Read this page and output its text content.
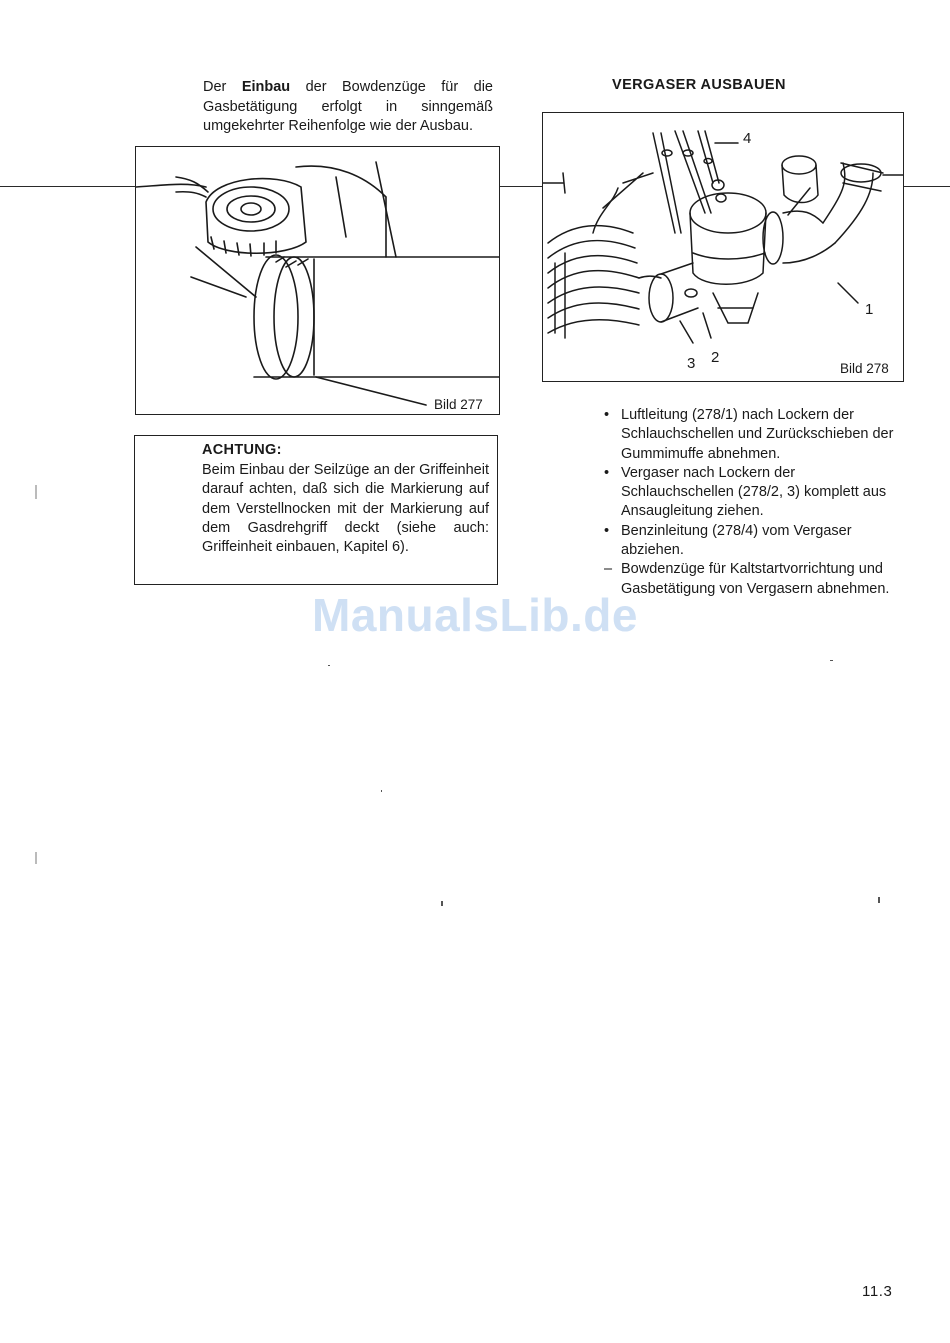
Der Einbau der Bowdenzüge für die Gasbetätigung erfolgt in sinngemäß umgekehrter Reihenfolge wie der Ausbau.
Bild 277
ACHTUNG:
Beim Einbau der Seilzüge an der Griffeinheit darauf achten, daß sich die Markierung auf dem Verstellnocken mit der Markierung auf dem Gasdrehgriff deckt (siehe auch: Griffeinheit einbauen, Kapitel 6).
VERGASER AUSBAUEN
4
1
2
3	Bild 278
• Luftleitung (278/1) nach Lockern der Schlauchschellen und Zurückschieben der Gummimuffe abnehmen.
• Vergaser nach Lockern der Schlauchschellen (278/2, 3) komplett aus Ansaugleitung ziehen.
• Benzinleitung (278/4) vom Vergaser abziehen.
– Bowdenzüge für Kaltstartvorrichtung und Gasbetätigung von Vergasern abnehmen.
ManualsLib.de
11.3
